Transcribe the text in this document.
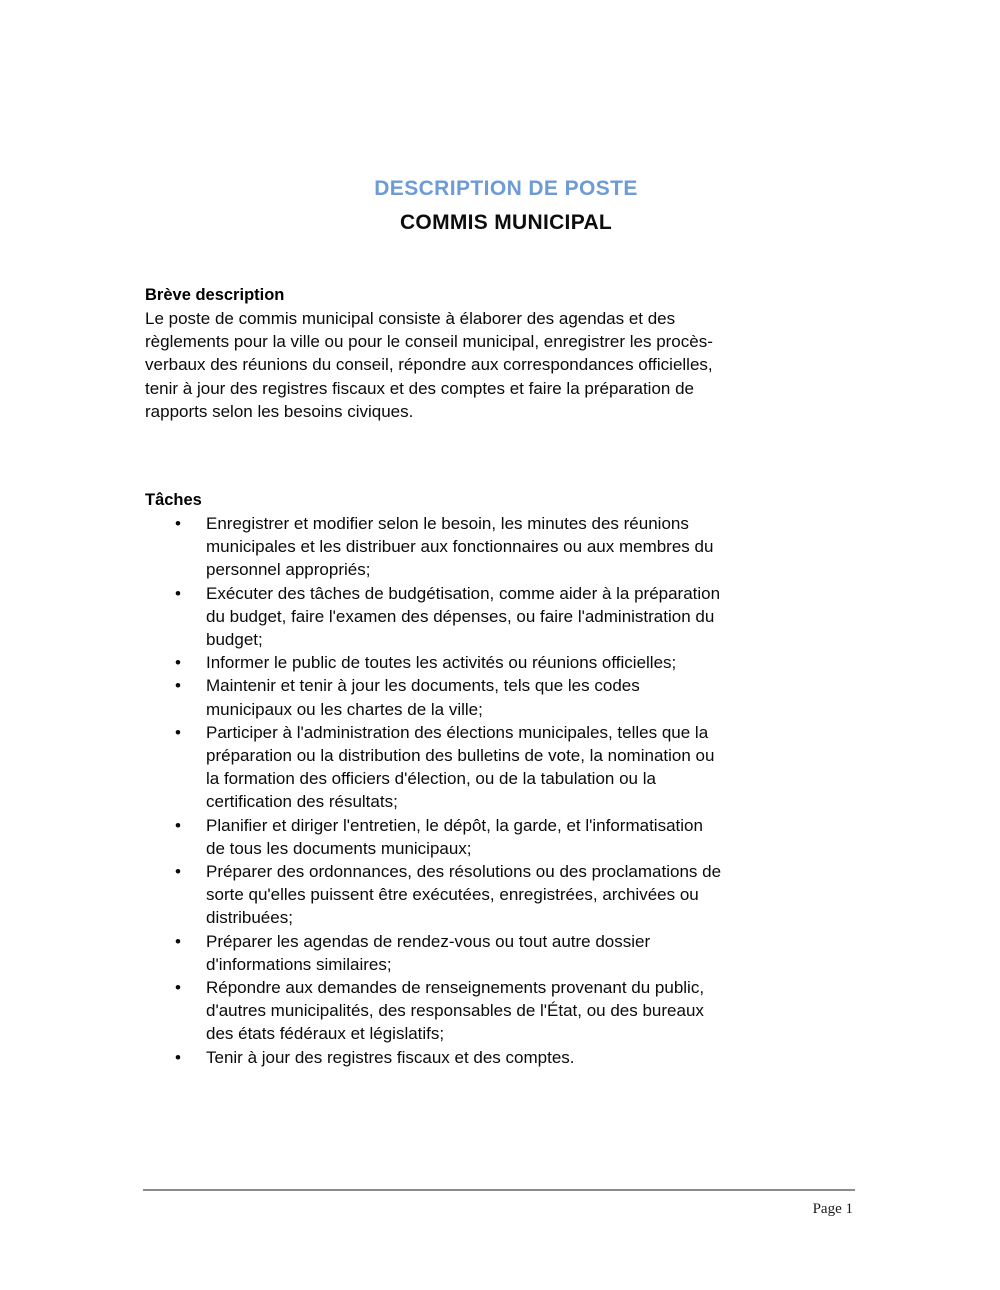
DESCRIPTION DE POSTE
COMMIS MUNICIPAL

Brève description

Le poste de commis municipal consiste à élaborer des agendas et des règlements pour la ville ou pour le conseil municipal, enregistrer les procès-verbaux des réunions du conseil, répondre aux correspondances officielles, tenir à jour des registres fiscaux et des comptes et faire la préparation de rapports selon les besoins civiques.

Tâches

• Enregistrer et modifier selon le besoin, les minutes des réunions municipales et les distribuer aux fonctionnaires ou aux membres du personnel appropriés;
• Exécuter des tâches de budgétisation, comme aider à la préparation du budget, faire l'examen des dépenses, ou faire l'administration du budget;
• Informer le public de toutes les activités ou réunions officielles;
• Maintenir et tenir à jour les documents, tels que les codes municipaux ou les chartes de la ville;
• Participer à l'administration des élections municipales, telles que la préparation ou la distribution des bulletins de vote, la nomination ou la formation des officiers d'élection, ou de la tabulation ou la certification des résultats;
• Planifier et diriger l'entretien, le dépôt, la garde, et l'informatisation de tous les documents municipaux;
• Préparer des ordonnances, des résolutions ou des proclamations de sorte qu'elles puissent être exécutées, enregistrées, archivées ou distribuées;
• Préparer les agendas de rendez-vous ou tout autre dossier d'informations similaires;
• Répondre aux demandes de renseignements provenant du public, d'autres municipalités, des responsables de l'État, ou des bureaux des états fédéraux et législatifs;
• Tenir à jour des registres fiscaux et des comptes.
Page 1
